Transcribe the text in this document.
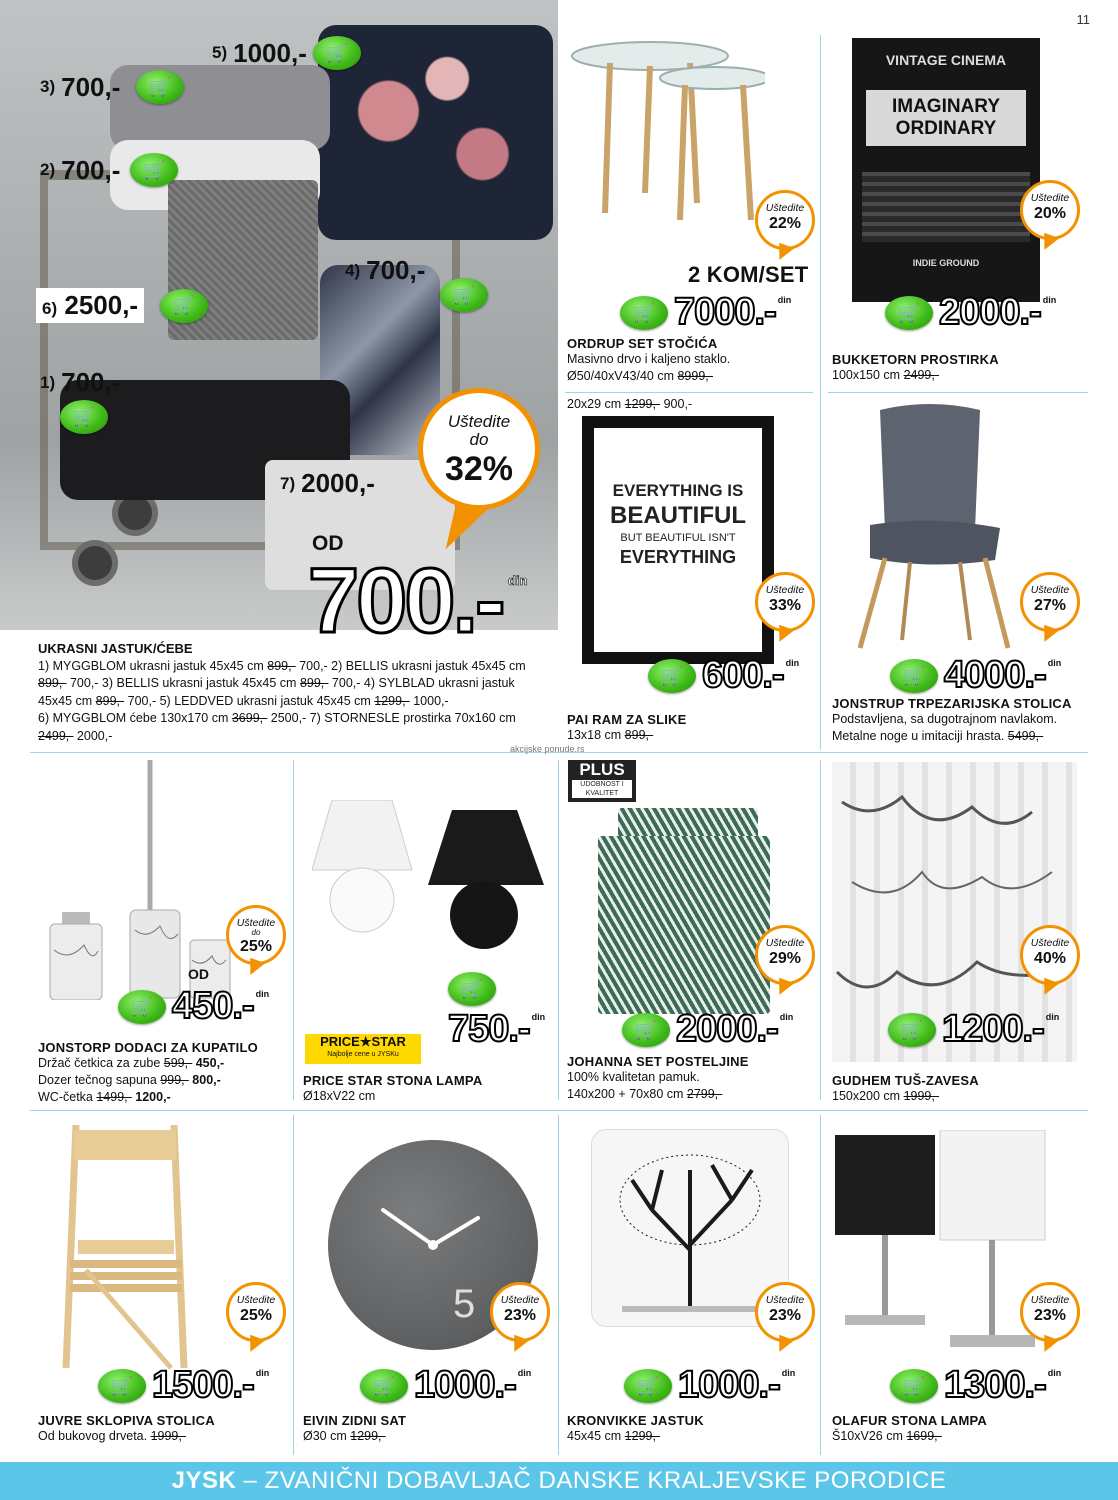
11
5) 1000,-	🛒
3) 700,-	🛒
2) 700,-	🛒
4) 700,-
🛒
6) 2500,-	🛒
1) 700,-
🛒
7) 2000,-
Uštedite
do
32%
OD
700.- din
UKRASNI JASTUK/ĆEBE
1) MYGGBLOM ukrasni jastuk 45x45 cm 899,- 700,- 2) BELLIS ukrasni jastuk 45x45 cm
899,- 700,- 3) BELLIS ukrasni jastuk 45x45 cm 899,- 700,- 4) SYLBLAD ukrasni jastuk
45x45 cm 899,- 700,- 5) LEDDVED ukrasni jastuk 45x45 cm 1299,- 1000,-
6) MYGGBLOM ćebe 130x170 cm 3699,- 2500,- 7) STORNESLE prostirka 70x160 cm
2499,- 2000,-
Uštedite
22%
2 KOM/SET
🛒 7000.- din
ORDRUP SET STOČIĆA
Masivno drvo i kaljeno staklo.
Ø50/40xV43/40 cm 8999,-
VINTAGE CINEMA
IMAGINARY
ORDINARY
INDIE GROUND
Uštedite
20%
🛒 2000.- din
BUKKETORN PROSTIRKA
100x150 cm 2499,-
20x29 cm 1299,- 900,-
EVERYTHING IS
BEAUTIFUL
BUT BEAUTIFUL ISN'T
EVERYTHING
Uštedite
33%
🛒 600.- din
PAI RAM ZA SLIKE
13x18 cm 899,-
Uštedite
27%
🛒 4000.- din
JONSTRUP TRPEZARIJSKA STOLICA
Podstavljena, sa dugotrajnom navlakom.
Metalne noge u imitaciji hrasta. 5499,-
akcijske ponude.rs
Uštedite
do
25%
OD
🛒 450.- din
JONSTORP DODACI ZA KUPATILO
Držač četkica za zube 599,- 450,-
Dozer tečnog sapuna 999,- 800,-
WC-četka 1499,- 1200,-
PRICE★STAR
Najbolje cene u JYSKu
🛒
750.- din
PRICE STAR STONA LAMPA
Ø18xV22 cm
PLUS
UDOBNOST I KVALITET
Uštedite
29%
🛒 2000.- din
JOHANNA SET POSTELJINE
100% kvalitetan pamuk.
140x200 + 70x80 cm 2799,-
Uštedite
40%
🛒 1200.- din
GUDHEM TUŠ-ZAVESA
150x200 cm 1999,-
Uštedite
25%
🛒 1500.- din
JUVRE SKLOPIVA STOLICA
Od bukovog drveta. 1999,-
5	Uštedite
23%
🛒 1000.- din
EIVIN ZIDNI SAT
Ø30 cm 1299,-
Uštedite
23%
🛒 1000.- din
KRONVIKKE JASTUK
45x45 cm 1299,-
Uštedite
23%
🛒 1300.- din
OLAFUR STONA LAMPA
Š10xV26 cm 1699,-
JYSK – ZVANIČNI DOBAVLJAČ DANSKE KRALJEVSKE PORODICE
